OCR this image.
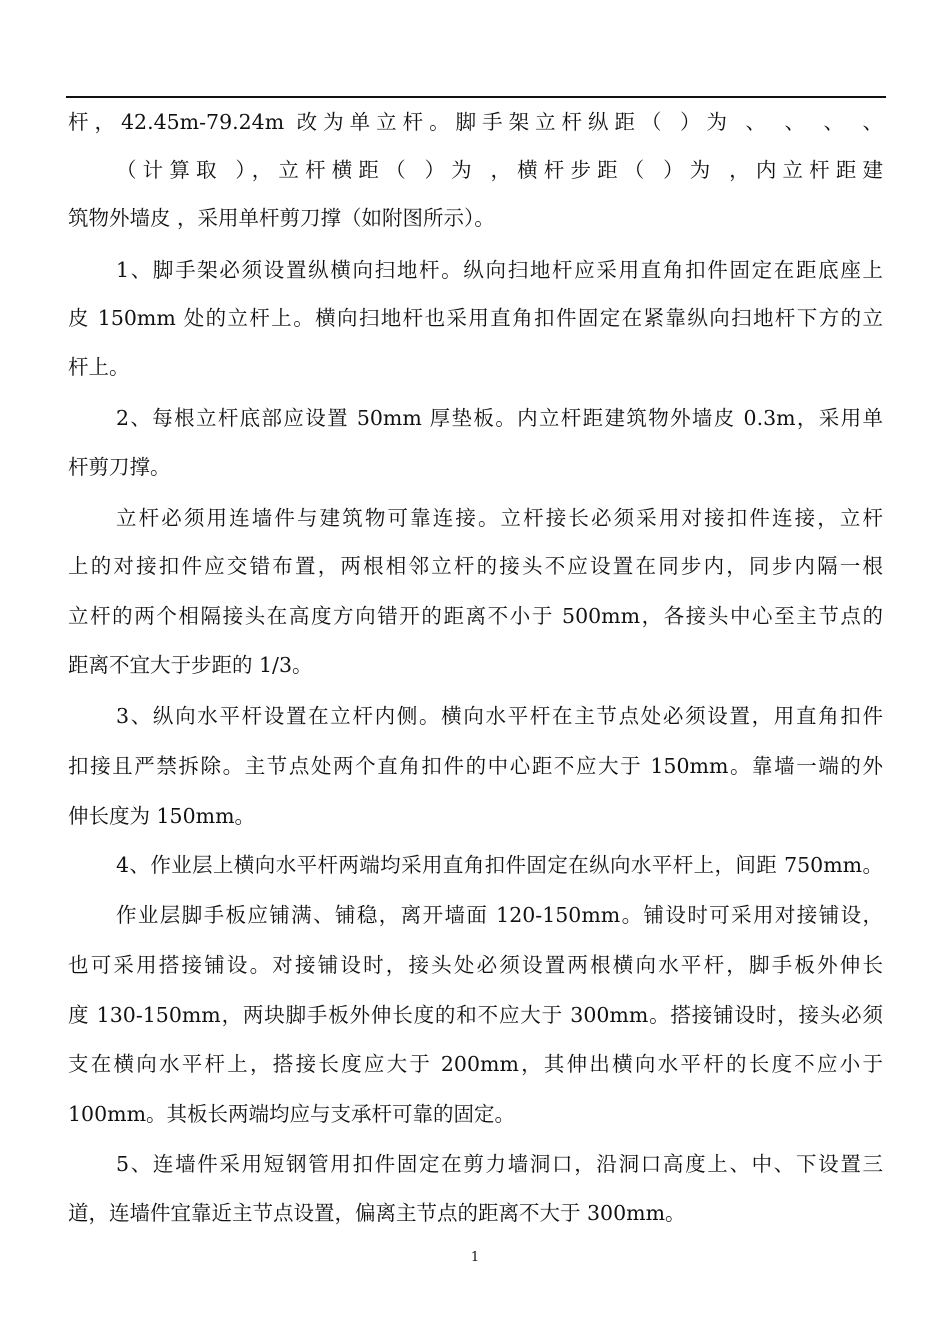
杆，42.45m-79.24m 改为单立杆。脚手架立杆纵距（ ）为 、 、 、 、
（计算取 ），立杆横距（ ）为 ，横杆步距（ ）为 ，内立杆距建
筑物外墙皮 ，采用单杆剪刀撑（如附图所示）。
1、脚手架必须设置纵横向扫地杆。纵向扫地杆应采用直角扣件固定在距底座上
皮 150mm 处的立杆上。横向扫地杆也采用直角扣件固定在紧靠纵向扫地杆下方的立
杆上。
2、每根立杆底部应设置 50mm 厚垫板。内立杆距建筑物外墙皮 0.3m，采用单
杆剪刀撑。
立杆必须用连墙件与建筑物可靠连接。立杆接长必须采用对接扣件连接，立杆
上的对接扣件应交错布置，两根相邻立杆的接头不应设置在同步内，同步内隔一根
立杆的两个相隔接头在高度方向错开的距离不小于 500mm，各接头中心至主节点的
距离不宜大于步距的 1/3。
3、纵向水平杆设置在立杆内侧。横向水平杆在主节点处必须设置，用直角扣件
扣接且严禁拆除。主节点处两个直角扣件的中心距不应大于 150mm。靠墙一端的外
伸长度为 150mm。
4、作业层上横向水平杆两端均采用直角扣件固定在纵向水平杆上，间距 750mm。
作业层脚手板应铺满、铺稳，离开墙面 120-150mm。铺设时可采用对接铺设，
也可采用搭接铺设。对接铺设时，接头处必须设置两根横向水平杆，脚手板外伸长
度 130-150mm，两块脚手板外伸长度的和不应大于 300mm。搭接铺设时，接头必须
支在横向水平杆上，搭接长度应大于 200mm，其伸出横向水平杆的长度不应小于
100mm。其板长两端均应与支承杆可靠的固定。
5、连墙件采用短钢管用扣件固定在剪力墙洞口，沿洞口高度上、中、下设置三
道，连墙件宜靠近主节点设置，偏离主节点的距离不大于 300mm。
1
